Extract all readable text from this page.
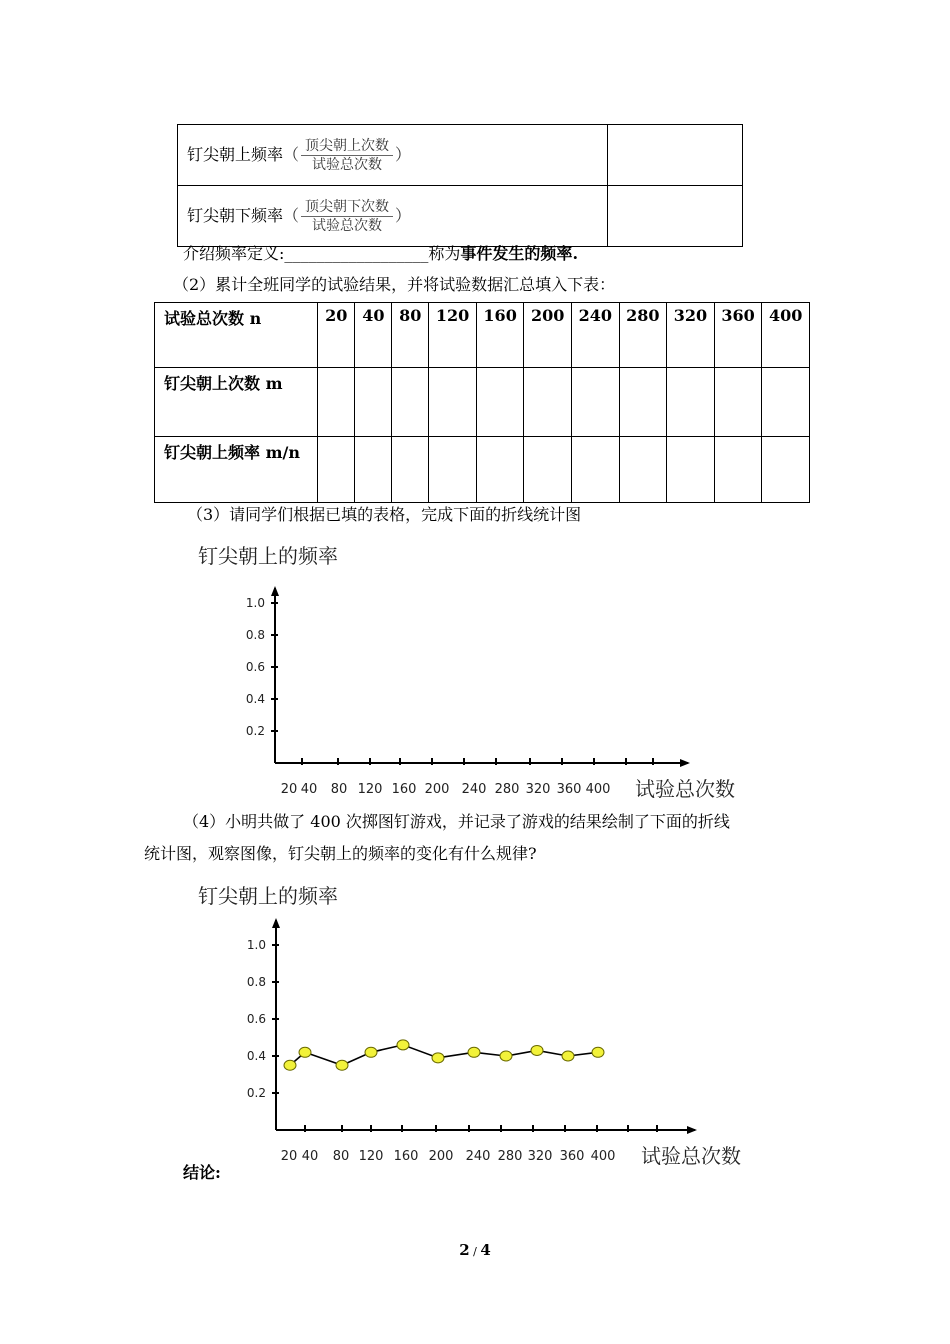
钉尖朝上频率（ $\frac{\text{顶尖朝上次数}}{\text{试验总次数}}$ ）	
钉尖朝下频率（ $\frac{\text{顶尖朝下次数}}{\text{试验总次数}}$ ）	
介绍频率定义:__________________称为事件发生的频率.
（2）累计全班同学的试验结果，并将试验数据汇总填入下表：
试验总次数 n	20	40	80	120	160	200	240	280	320	360	400
钉尖朝上次数 m											
钉尖朝上频率 m/n											
（3）请同学们根据已填的表格，完成下面的折线统计图
钉尖朝上的频率
0.2
0.4
0.6
0.8
1.0
20 40 80 120 160 200 240 280 320 360 400 试验总次数
（4）小明共做了 400 次掷图钉游戏，并记录了游戏的结果绘制了下面的折线
统计图，观察图像，钉尖朝上的频率的变化有什么规律?
钉尖朝上的频率
0.2
0.4
0.6
0.8
1.0
20 40 80 120 160 200 240 280 320 360 400 试验总次数
结论:
2 / 4
